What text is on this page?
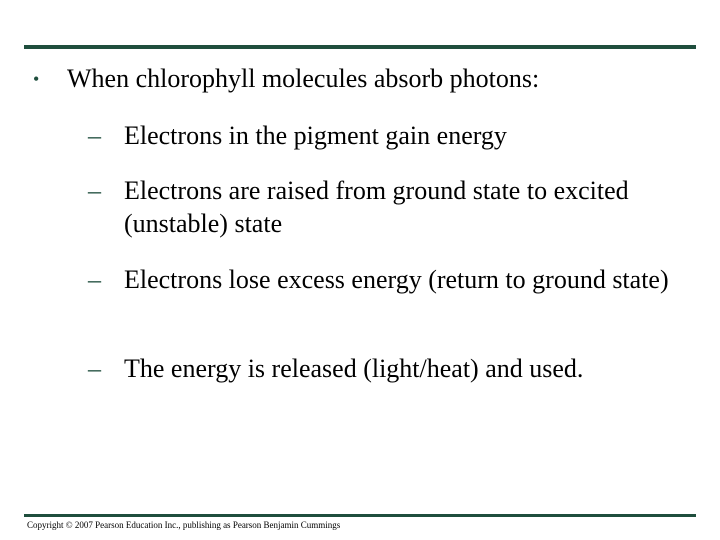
• When chlorophyll molecules absorb photons:
– Electrons in the pigment gain energy
– Electrons are raised from ground state to excited (unstable) state
– Electrons lose excess energy (return to ground state)
– The energy is released (light/heat) and used.
Copyright © 2007 Pearson Education Inc., publishing as Pearson Benjamin Cummings
